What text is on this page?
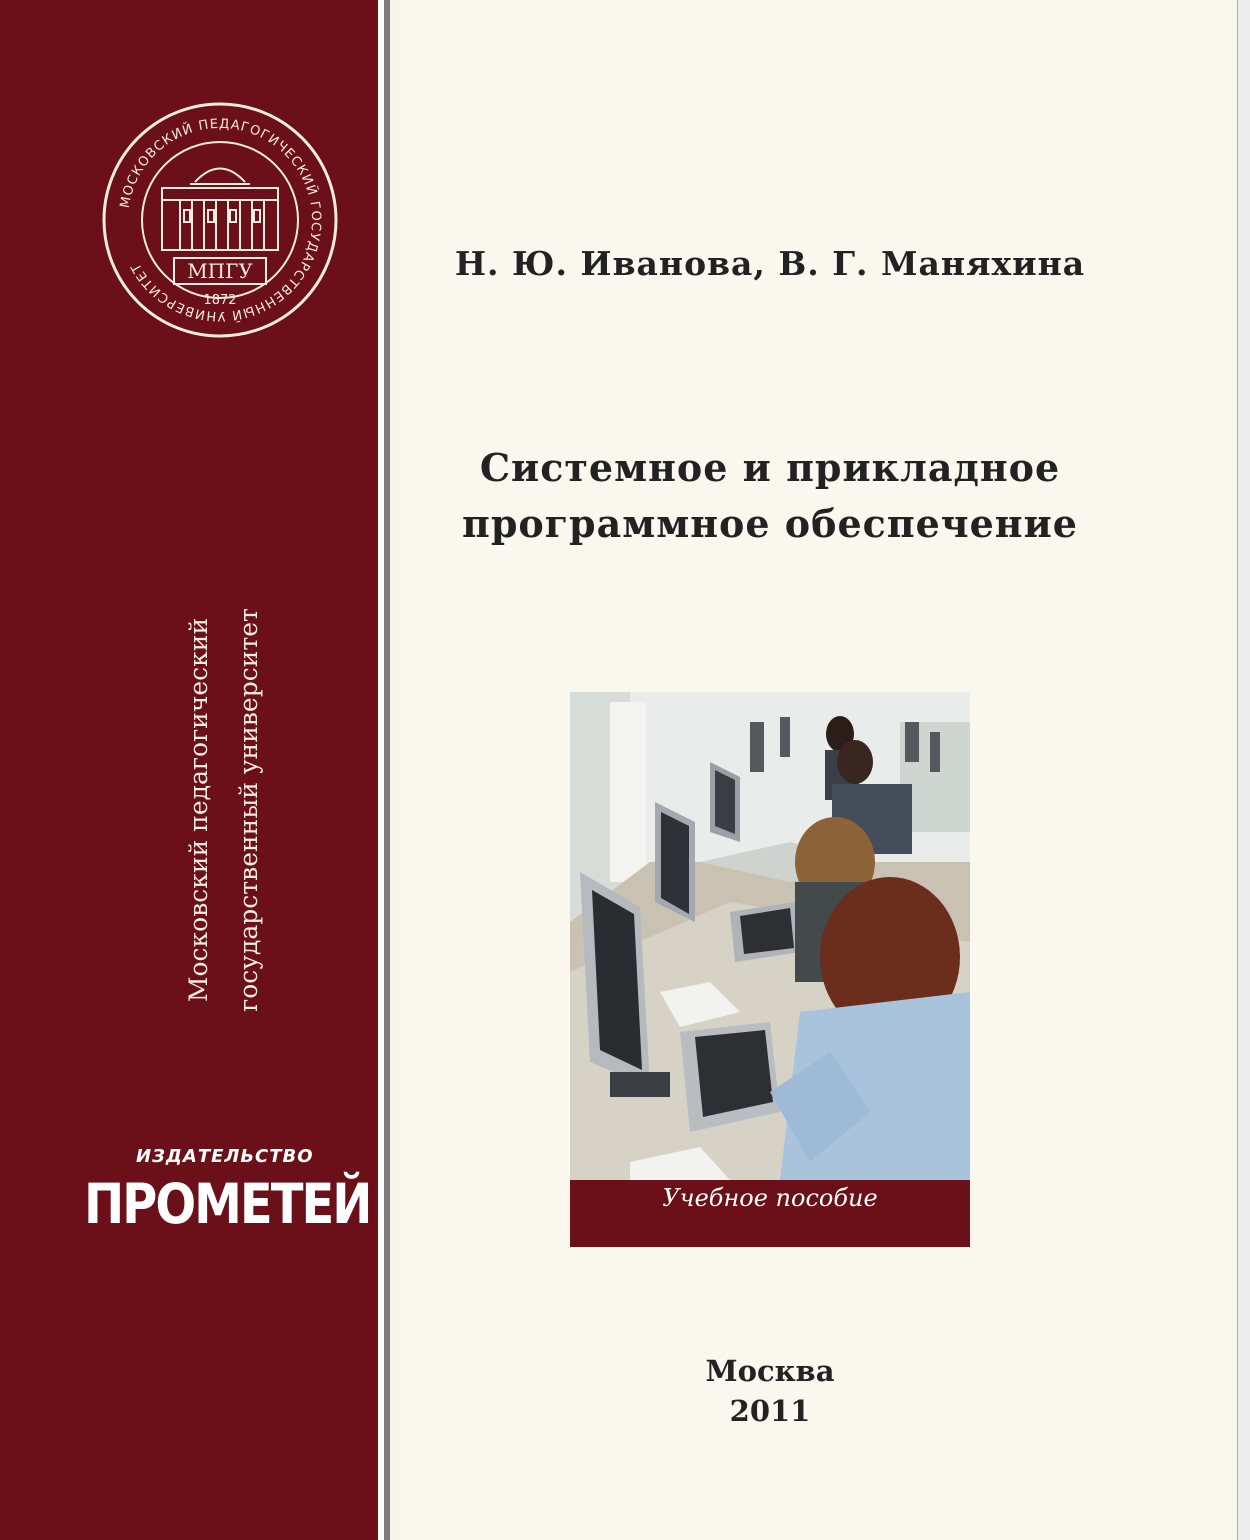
МОСКОВСКИЙ ПЕДАГОГИЧЕСКИЙ ГОСУДАРСТВЕННЫЙ УНИВЕРСИТЕТ	МПГУ
1872
Московский педагогический государственный университет
ИЗДАТЕЛЬСТВО
ПРОМЕТЕЙ
Н. Ю. Иванова, В. Г. Маняхина
Системное и прикладное
программное обеспечение
Учебное пособие
Москва
2011
